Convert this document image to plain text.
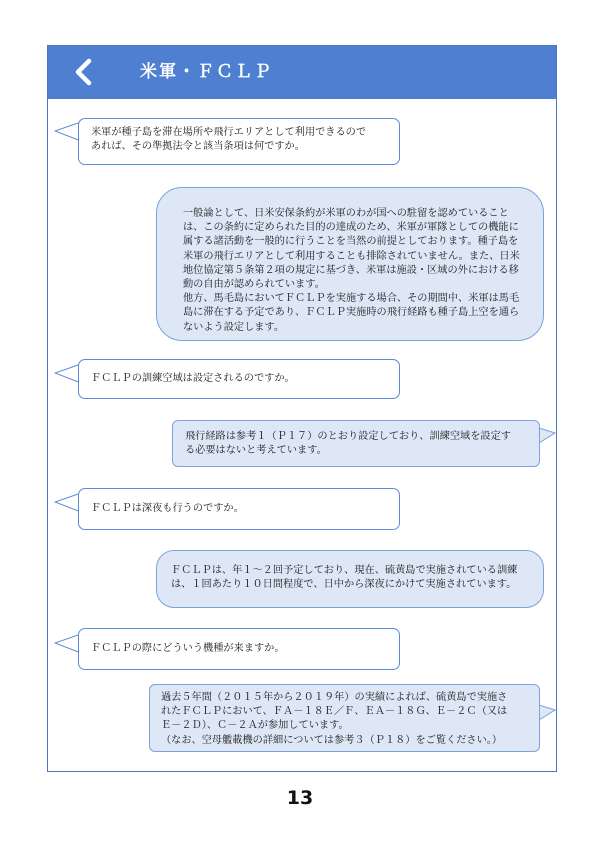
米軍・ＦＣＬＰ
米軍が種子島を滞在場所や飛行エリアとして利用できるので
あれば、その準拠法令と該当条項は何ですか。
一般論として、日米安保条約が米軍のわが国への駐留を認めていること
は、この条約に定められた目的の達成のため、米軍が軍隊としての機能に
属する諸活動を一般的に行うことを当然の前提としております。種子島を
米軍の飛行エリアとして利用することも排除されていません。また、日米
地位協定第５条第２項の規定に基づき、米軍は施設・区域の外における移
動の自由が認められています。
他方、馬毛島においてＦＣＬＰを実施する場合、その期間中、米軍は馬毛
島に滞在する予定であり、ＦＣＬＰ実施時の飛行経路も種子島上空を通ら
ないよう設定します。
ＦＣＬＰの訓練空域は設定されるのですか。
飛行経路は参考１（Ｐ１７）のとおり設定しており、訓練空域を設定す
る必要はないと考えています。
ＦＣＬＰは深夜も行うのですか。
ＦＣＬＰは、年１～２回予定しており、現在、硫黄島で実施されている訓練
は、１回あたり１０日間程度で、日中から深夜にかけて実施されています。
ＦＣＬＰの際にどういう機種が来ますか。
過去５年間（２０１５年から２０１９年）の実績によれば、硫黄島で実施さ
れたＦＣＬＰにおいて、ＦＡ－１８Ｅ／Ｆ、ＥＡ－１８Ｇ、Ｅ－２Ｃ（又は
Ｅ－２Ｄ）、Ｃ－２Ａが参加しています。
（なお、空母艦載機の詳細については参考３（Ｐ１８）をご覧ください。）
13
